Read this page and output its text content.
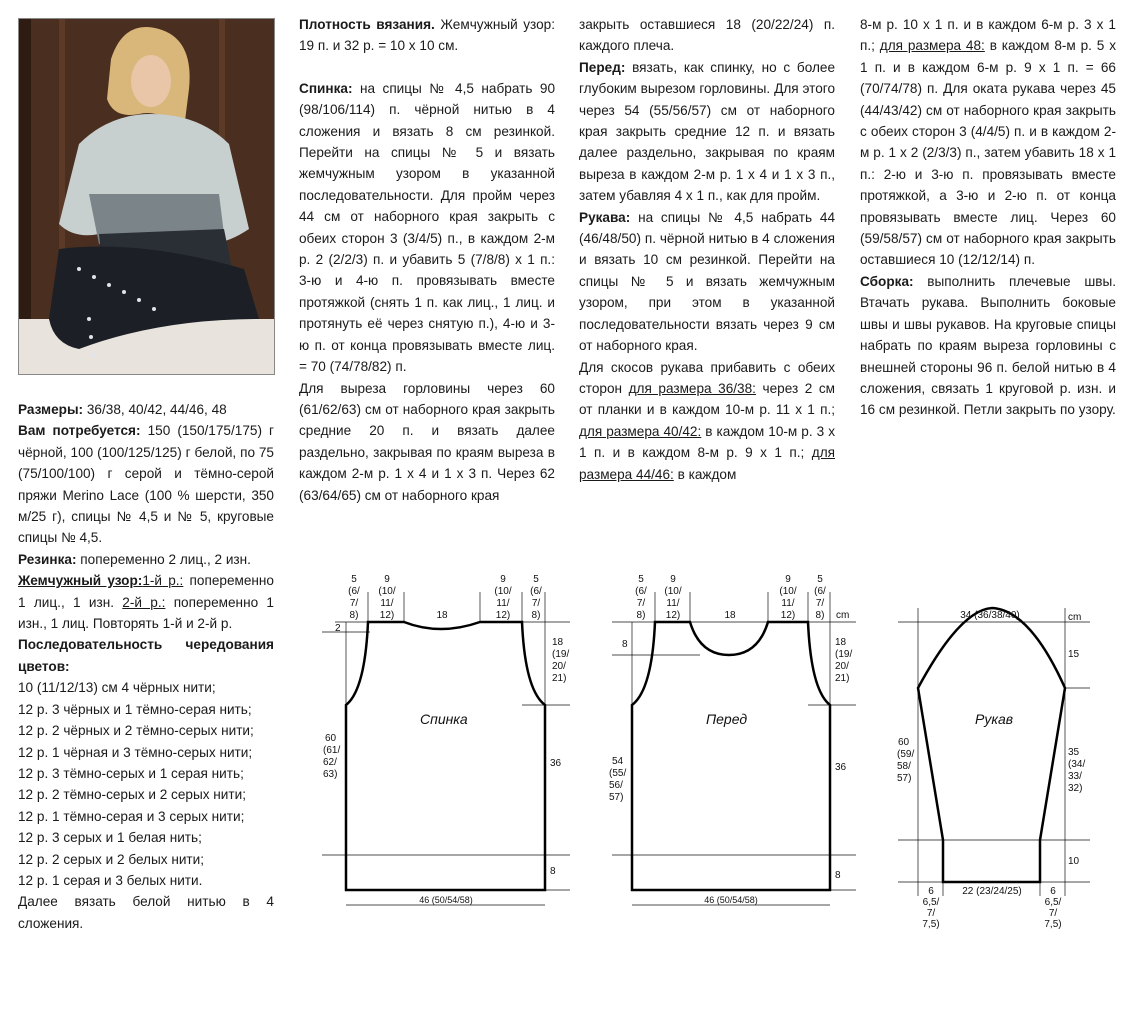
Размеры: 36/38, 40/42, 44/46, 48

Вам потребуется: 150 (150/175/175) г чёрной, 100 (100/125/125) г белой, по 75 (75/100/100) г серой и тёмно-серой пряжи Merino Lace (100 % шерсти, 350 м/25 г), спицы № 4,5 и № 5, круговые спицы № 4,5.

Резинка: попеременно 2 лиц., 2 изн.

Жемчужный узор:1-й р.: попеременно 1 лиц., 1 изн. 2-й р.: попеременно 1 изн., 1 лиц. Повторять 1-й и 2-й р.

Последовательность чередования цветов:

10 (11/12/13) см 4 чёрных нити;

12 р. 3 чёрных и 1 тёмно-серая нить;

12 р. 2 чёрных и 2 тёмно-серых нити;

12 р. 1 чёрная и 3 тёмно-серых нити;

12 р. 3 тёмно-серых и 1 серая нить;

12 р. 2 тёмно-серых и 2 серых нити;

12 р. 1 тёмно-серая и 3 серых нити;

12 р. 3 серых и 1 белая нить;

12 р. 2 серых и 2 белых нити;

12 р. 1 серая и 3 белых нити.

Далее вязать белой нитью в 4 сложения.

Плотность вязания. Жемчужный узор: 19 п. и 32 р. = 10 х 10 см.

Спинка: на спицы № 4,5 набрать 90 (98/106/114) п. чёрной нитью в 4 сложения и вязать 8 см резинкой. Перейти на спицы № 5 и вязать жемчужным узором в указанной последовательности. Для пройм через 44 см от наборного края закрыть с обеих сторон 3 (3/4/5) п., в каждом 2-м р. 2 (2/2/3) п. и убавить 5 (7/8/8) х 1 п.: 3-ю и 4-ю п. провязывать вместе протяжкой (снять 1 п. как лиц., 1 лиц. и протянуть её через снятую п.), 4-ю и 3-ю п. от конца провязывать вместе лиц. = 70 (74/78/82) п.

Для выреза горловины через 60 (61/62/63) см от наборного края закрыть средние 20 п. и вязать далее раздельно, закрывая по краям выреза в каждом 2-м р. 1 х 4 и 1 х 3 п. Через 62 (63/64/65) см от наборного края

закрыть оставшиеся 18 (20/22/24) п. каждого плеча.

Перед: вязать, как спинку, но с более глубоким вырезом горловины. Для этого через 54 (55/56/57) см от наборного края закрыть средние 12 п. и вязать далее раздельно, закрывая по краям выреза в каждом 2-м р. 1 х 4 и 1 х 3 п., затем убавляя 4 х 1 п., как для пройм.

Рукава: на спицы № 4,5 набрать 44 (46/48/50) п. чёрной нитью в 4 сложения и вязать 10 см резинкой. Перейти на спицы № 5 и вязать жемчужным узором, при этом в указанной последовательности вязать через 9 см от наборного края.

Для скосов рукава прибавить с обеих сторон для размера 36/38: через 2 см от планки и в каждом 10-м р. 11 х 1 п.; для размера 40/42: в каждом 10-м р. 3 х 1 п. и в каждом 8-м р. 9 х 1 п.; для размера 44/46: в каждом

8-м р. 10 х 1 п. и в каждом 6-м р. 3 х 1 п.; для размера 48: в каждом 8-м р. 5 х 1 п. и в каждом 6-м р. 9 х 1 п. = 66 (70/74/78) п. Для оката рукава через 45 (44/43/42) см от наборного края закрыть с обеих сторон 3 (4/4/5) п. и в каждом 2-м р. 1 х 2 (2/3/3) п., затем убавить 18 х 1 п.: 2-ю и 3-ю п. провязывать вместе протяжкой, а 3-ю и 2-ю п. от конца провязывать вместе лиц. Через 60 (59/58/57) см от наборного края закрыть оставшиеся 10 (12/12/14) п.

Сборка: выполнить плечевые швы. Втачать рукава. Выполнить боковые швы и швы рукавов. На круговые спицы набрать по краям выреза горловины с внешней стороны 96 п. белой нитью в 4 сложения, связать 1 круговой р. изн. и 16 см резинкой. Петли закрыть по узору.

Спинка
5
(6/
7/
8)
9
(10/
11/
12)	18
9
(10/
11/
12)
5
(6/
7/
8)
2
18
(19/
20/
21)
60
(61/
62/
63)
36
8
46 (50/54/58)
Перед
5
(6/
7/
8)
9
(10/
11/
12)	18
9
(10/
11/
12)
5
(6/
7/
8) cm
8	18
(19/
20/
21)
54
(55/
56/
57)
36
8
46 (50/54/58)
Рукав
34 (36/38/40)	cm
15
60
(59/
58/
57)
35
(34/
33/
32)
10
6
6,5/
7/
7,5)
22 (23/24/25)	6
6,5/
7/
7,5)
